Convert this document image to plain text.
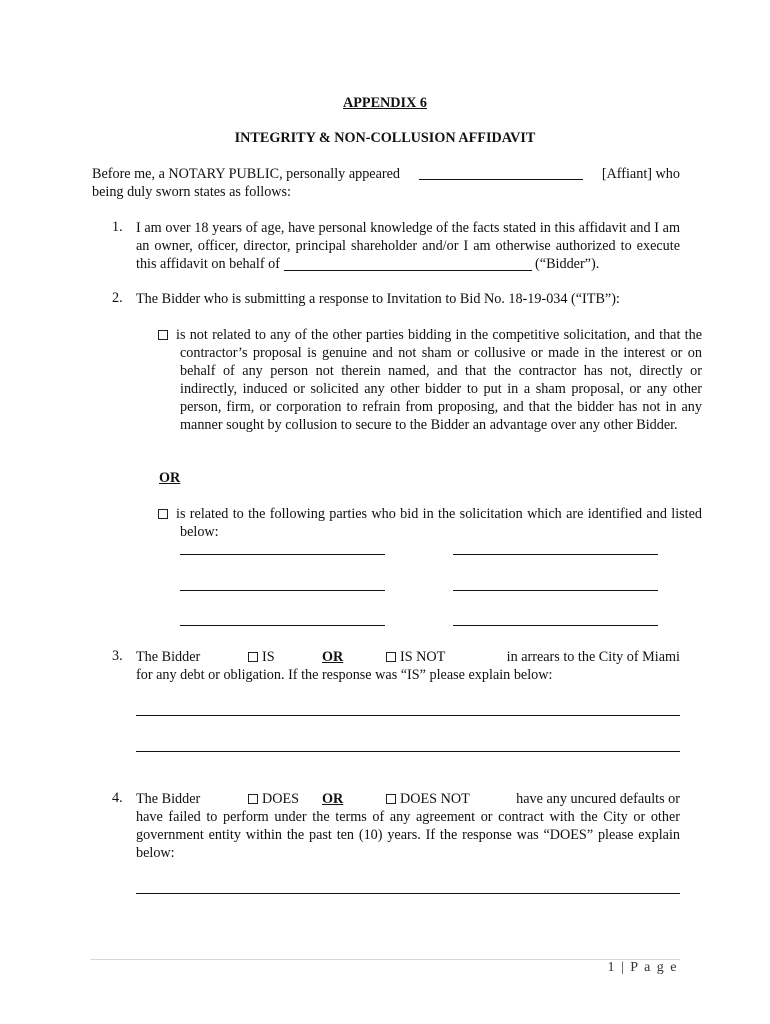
APPENDIX 6
INTEGRITY & NON-COLLUSION AFFIDAVIT
Before me, a NOTARY PUBLIC, personally appeared	[Affiant] who
being duly sworn states as follows:
1. I am over 18 years of age, have personal knowledge of the facts stated in this affidavit and I am an owner, officer, director, principal shareholder and/or I am otherwise authorized to execute this affidavit on behalf of	(“Bidder”).
2. The Bidder who is submitting a response to Invitation to Bid No. 18-19-034 (“ITB”):
is not related to any of the other parties bidding in the competitive solicitation, and that the contractor’s proposal is genuine and not sham or collusive or made in the interest or on behalf of any person not therein named, and that the contractor has not, directly or indirectly, induced or solicited any other bidder to put in a sham proposal, or any other person, firm, or corporation to refrain from proposing, and that the bidder has not in any manner sought by collusion to secure to the Bidder an advantage over any other Bidder.
OR
is related to the following parties who bid in the solicitation which are identified and listed below:
3. The Bidder	IS	OR	IS NOT	in arrears to the City of Miami
for any debt or obligation. If the response was “IS” please explain below:
4. The Bidder	DOES OR	DOES NOT	have any uncured defaults or
have failed to perform under the terms of any agreement or contract with the City or other government entity within the past ten (10) years. If the response was “DOES” please explain below:
1 | P a g e
